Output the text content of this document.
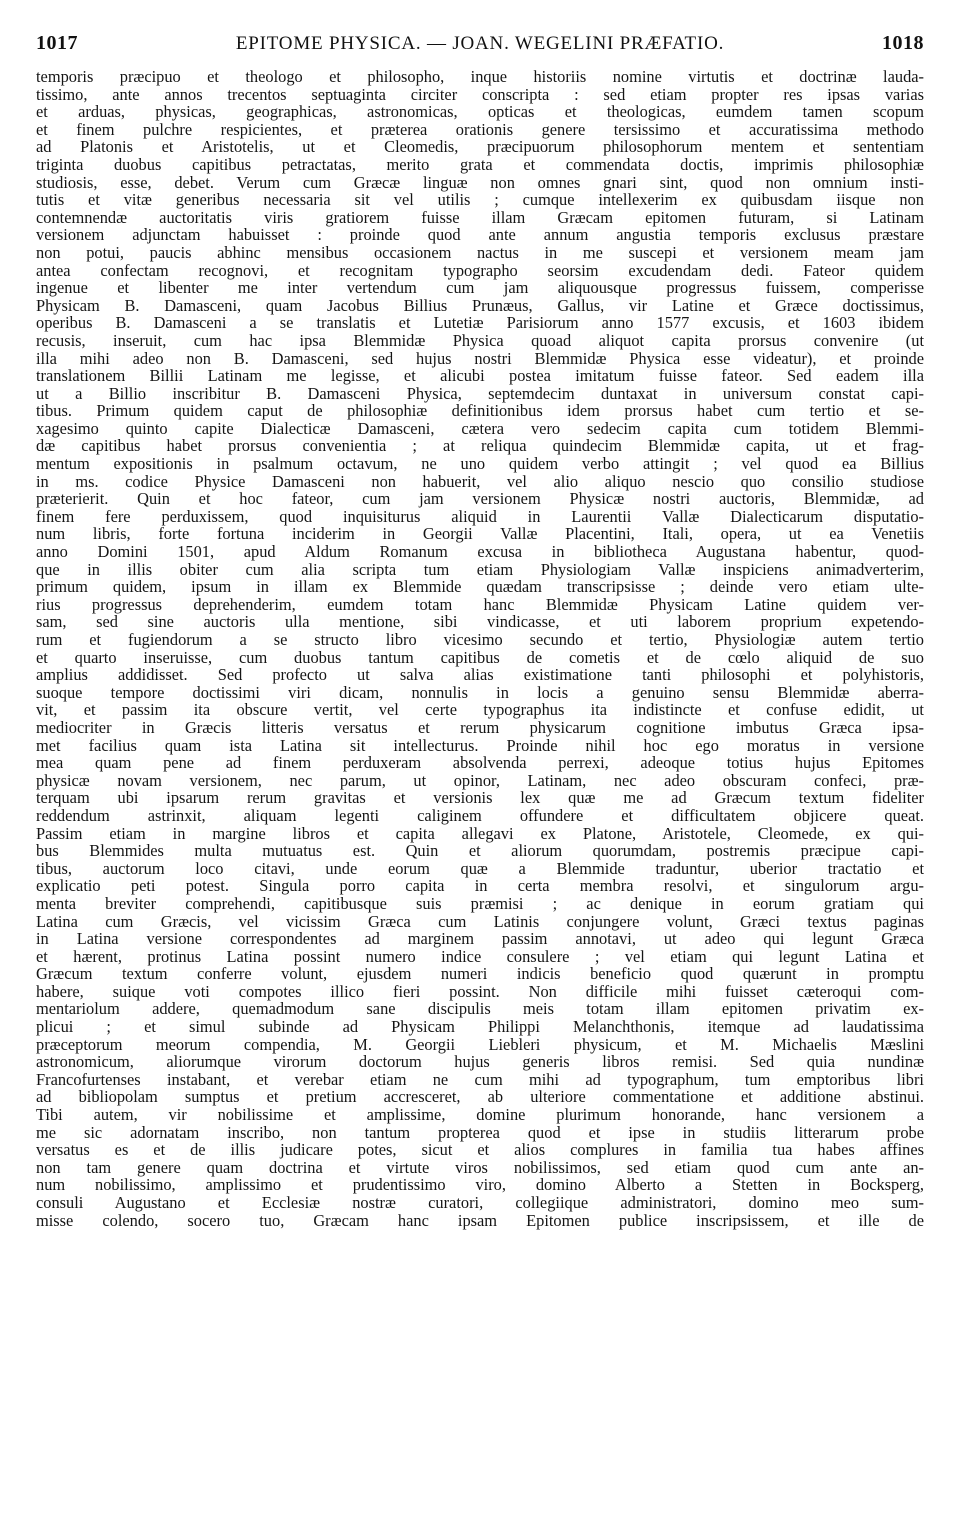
1017	EPITOME PHYSICA. — JOAN. WEGELINI PRÆFATIO.	1018
temporis præcipuo et theologo et philosopho, inque historiis nomine virtutis et doctrinæ lauda-
tissimo, ante annos trecentos septuaginta circiter conscripta : sed etiam propter res ipsas varias
et arduas, physicas, geographicas, astronomicas, opticas et theologicas, eumdem tamen scopum
et finem pulchre respicientes, et præterea orationis genere tersissimo et accuratissima methodo
ad Platonis et Aristotelis, ut et Cleomedis, præcipuorum philosophorum mentem et sententiam
triginta duobus capitibus petractatas, merito grata et commendata doctis, imprimis philosophiæ
studiosis, esse, debet. Verum cum Græcæ linguæ non omnes gnari sint, quod non omnium insti-
tutis et vitæ generibus necessaria sit vel utilis ; cumque intellexerim ex quibusdam iisque non
contemnendæ auctoritatis viris gratiorem fuisse illam Græcam epitomen futuram, si Latinam
versionem adjunctam habuisset : proinde quod ante annum angustia temporis exclusus præstare
non potui, paucis abhinc mensibus occasionem nactus in me suscepi et versionem meam jam
antea confectam recognovi, et recognitam typographo seorsim excudendam dedi. Fateor quidem
ingenue et libenter me inter vertendum cum jam aliquousque progressus fuissem, comperisse
Physicam B. Damasceni, quam Jacobus Billius Prunæus, Gallus, vir Latine et Græce doctissimus,
operibus B. Damasceni a se translatis et Lutetiæ Parisiorum anno 1577 excusis, et 1603 ibidem
recusis, inseruit, cum hac ipsa Blemmidæ Physica quoad aliquot capita prorsus convenire (ut
illa mihi adeo non B. Damasceni, sed hujus nostri Blemmidæ Physica esse videatur), et proinde
translationem Billii Latinam me legisse, et alicubi postea imitatum fuisse fateor. Sed eadem illa
ut a Billio inscribitur B. Damasceni Physica, septemdecim duntaxat in universum constat capi-
tibus. Primum quidem caput de philosophiæ definitionibus idem prorsus habet cum tertio et se-
xagesimo quinto capite Dialecticæ Damasceni, cætera vero sedecim capita cum totidem Blemmi-
dæ capitibus habet prorsus convenientia ; at reliqua quindecim Blemmidæ capita, ut et frag-
mentum expositionis in psalmum octavum, ne uno quidem verbo attingit ; vel quod ea Billius
in ms. codice Physice Damasceni non habuerit, vel alio aliquo nescio quo consilio studiose
præterierit. Quin et hoc fateor, cum jam versionem Physicæ nostri auctoris, Blemmidæ, ad
finem fere perduxissem, quod inquisiturus aliquid in Laurentii Vallæ Dialecticarum disputatio-
num libris, forte fortuna inciderim in Georgii Vallæ Placentini, Itali, opera, ut ea Venetiis
anno Domini 1501, apud Aldum Romanum excusa in bibliotheca Augustana habentur, quod-
que in illis obiter cum alia scripta tum etiam Physiologiam Vallæ inspiciens animadverterim,
primum quidem, ipsum in illam ex Blemmide quædam transcripsisse ; deinde vero etiam ulte-
rius progressus deprehenderim, eumdem totam hanc Blemmidæ Physicam Latine quidem ver-
sam, sed sine auctoris ulla mentione, sibi vindicasse, et uti laborem proprium expetendo-
rum et fugiendorum a se structo libro vicesimo secundo et tertio, Physiologiæ autem tertio
et quarto inseruisse, cum duobus tantum capitibus de cometis et de cœlo aliquid de suo
amplius addidisset. Sed profecto ut salva alias existimatione tanti philosophi et polyhistoris,
suoque tempore doctissimi viri dicam, nonnulis in locis a genuino sensu Blemmidæ aberra-
vit, et passim ita obscure vertit, vel certe typographus ita indistincte et confuse edidit, ut
mediocriter in Græcis litteris versatus et rerum physicarum cognitione imbutus Græca ipsa-
met facilius quam ista Latina sit intellecturus. Proinde nihil hoc ego moratus in versione
mea quam pene ad finem perduxeram absolvenda perrexi, adeoque totius hujus Epitomes
physicæ novam versionem, nec parum, ut opinor, Latinam, nec adeo obscuram confeci, præ-
terquam ubi ipsarum rerum gravitas et versionis lex quæ me ad Græcum textum fideliter
reddendum astrinxit, aliquam legenti caliginem offundere et difficultatem objicere queat.
Passim etiam in margine libros et capita allegavi ex Platone, Aristotele, Cleomede, ex qui-
bus Blemmides multa mutuatus est. Quin et aliorum quorumdam, postremis præcipue capi-
tibus, auctorum loco citavi, unde eorum quæ a Blemmide traduntur, uberior tractatio et
explicatio peti potest. Singula porro capita in certa membra resolvi, et singulorum argu-
menta breviter comprehendi, capitibusque suis præmisi ; ac denique in eorum gratiam qui
Latina cum Græcis, vel vicissim Græca cum Latinis conjungere volunt, Græci textus paginas
in Latina versione correspondentes ad marginem passim annotavi, ut adeo qui legunt Græca
et hærent, protinus Latina possint numero indice consulere ; vel etiam qui legunt Latina et
Græcum textum conferre volunt, ejusdem numeri indicis beneficio quod quærunt in promptu
habere, suique voti compotes illico fieri possint. Non difficile mihi fuisset cæteroqui com-
mentariolum addere, quemadmodum sane discipulis meis totam illam epitomen privatim ex-
plicui ; et simul subinde ad Physicam Philippi Melanchthonis, itemque ad laudatissima
præceptorum meorum compendia, M. Georgii Liebleri physicum, et M. Michaelis Mæslini
astronomicum, aliorumque virorum doctorum hujus generis libros remisi. Sed quia nundinæ
Francofurtenses instabant, et verebar etiam ne cum mihi ad typographum, tum emptoribus libri
ad bibliopolam sumptus et pretium accresceret, ab ulteriore commentatione et additione abstinui.
Tibi autem, vir nobilissime et amplissime, domine plurimum honorande, hanc versionem a
me sic adornatam inscribo, non tantum propterea quod et ipse in studiis litterarum probe
versatus es et de illis judicare potes, sicut et alios complures in familia tua habes affines
non tam genere quam doctrina et virtute viros nobilissimos, sed etiam quod cum ante an-
num nobilissimo, amplissimo et prudentissimo viro, domino Alberto a Stetten in Bocksperg,
consuli Augustano et Ecclesiæ nostræ curatori, collegiique administratori, domino meo sum-
misse colendo, socero tuo, Græcam hanc ipsam Epitomen publice inscripsissem, et ille de
